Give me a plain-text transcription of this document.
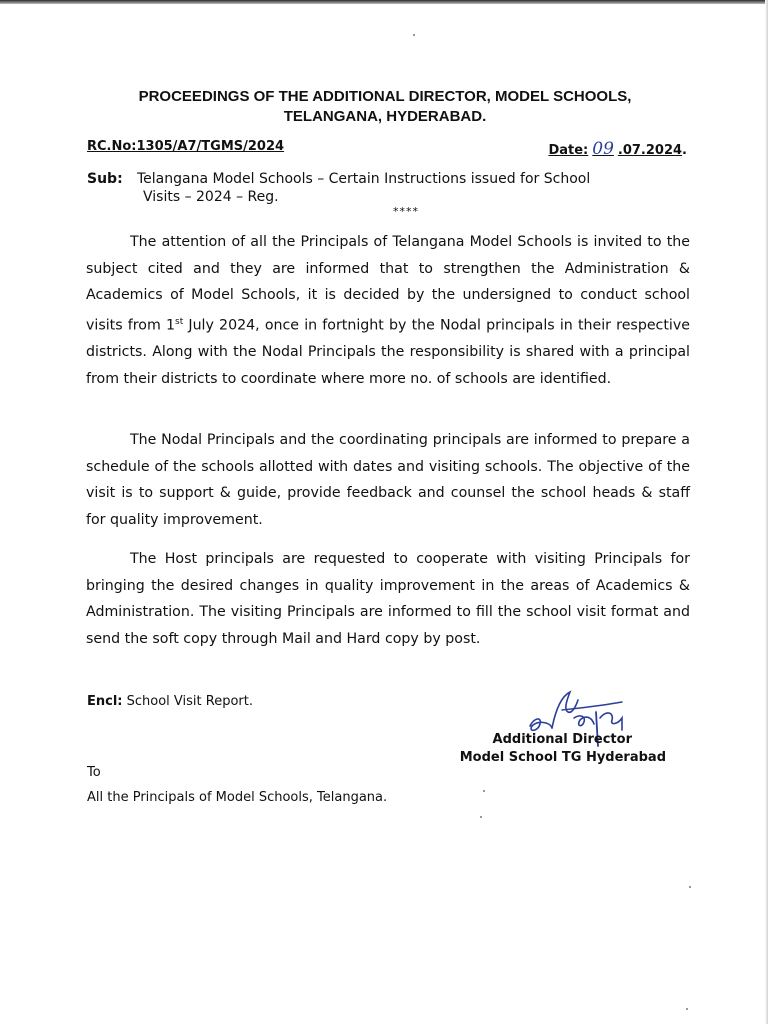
PROCEEDINGS OF THE ADDITIONAL DIRECTOR, MODEL SCHOOLS,
TELANGANA, HYDERABAD.
RC.No:1305/A7/TGMS/2024	Date: 09 .07.2024.
Sub: Telangana Model Schools – Certain Instructions issued for School
Visits – 2024 – Reg.
****
The attention of all the Principals of Telangana Model Schools is invited to the subject cited and they are informed that to strengthen the Administration & Academics of Model Schools, it is decided by the undersigned to conduct school visits from 1st July 2024, once in fortnight by the Nodal principals in their respective districts. Along with the Nodal Principals the responsibility is shared with a principal from their districts to coordinate where more no. of schools are identified.
The Nodal Principals and the coordinating principals are informed to prepare a schedule of the schools allotted with dates and visiting schools. The objective of the visit is to support & guide, provide feedback and counsel the school heads & staff for quality improvement.
The Host principals are requested to cooperate with visiting Principals for bringing the desired changes in quality improvement in the areas of Academics & Administration. The visiting Principals are informed to fill the school visit format and send the soft copy through Mail and Hard copy by post.
Encl: School Visit Report.
Additional Director
Model School TG Hyderabad
To
All the Principals of Model Schools, Telangana.
